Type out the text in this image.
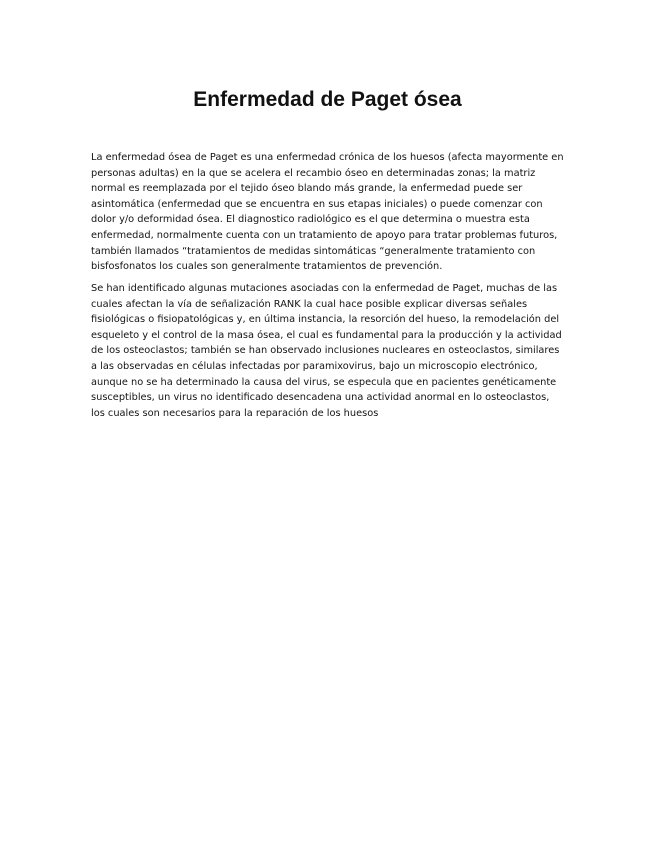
Enfermedad de Paget ósea

La enfermedad ósea de Paget es una enfermedad crónica de los huesos (afecta mayormente en personas adultas) en la que se acelera el recambio óseo en determinadas zonas; la matriz normal es reemplazada por el tejido óseo blando más grande, la enfermedad puede ser asintomática (enfermedad que se encuentra en sus etapas iniciales) o puede comenzar con dolor y/o deformidad ósea. El diagnostico radiológico es el que determina o muestra esta enfermedad, normalmente cuenta con un tratamiento de apoyo para tratar problemas futuros, también llamados “tratamientos de medidas sintomáticas “generalmente tratamiento con bisfosfonatos los cuales son generalmente tratamientos de prevención.

Se han identificado algunas mutaciones asociadas con la enfermedad de Paget, muchas de las cuales afectan la vía de señalización RANK la cual hace posible explicar diversas señales fisiológicas o fisiopatológicas y, en última instancia, la resorción del hueso, la remodelación del esqueleto y el control de la masa ósea, el cual es fundamental para la producción y la actividad de los osteoclastos; también se han observado inclusiones nucleares en osteoclastos, similares a las observadas en células infectadas por paramixovirus, bajo un microscopio electrónico, aunque no se ha determinado la causa del virus, se especula que en pacientes genéticamente susceptibles, un virus no identificado desencadena una actividad anormal en lo osteoclastos, los cuales son necesarios para la reparación de los huesos
